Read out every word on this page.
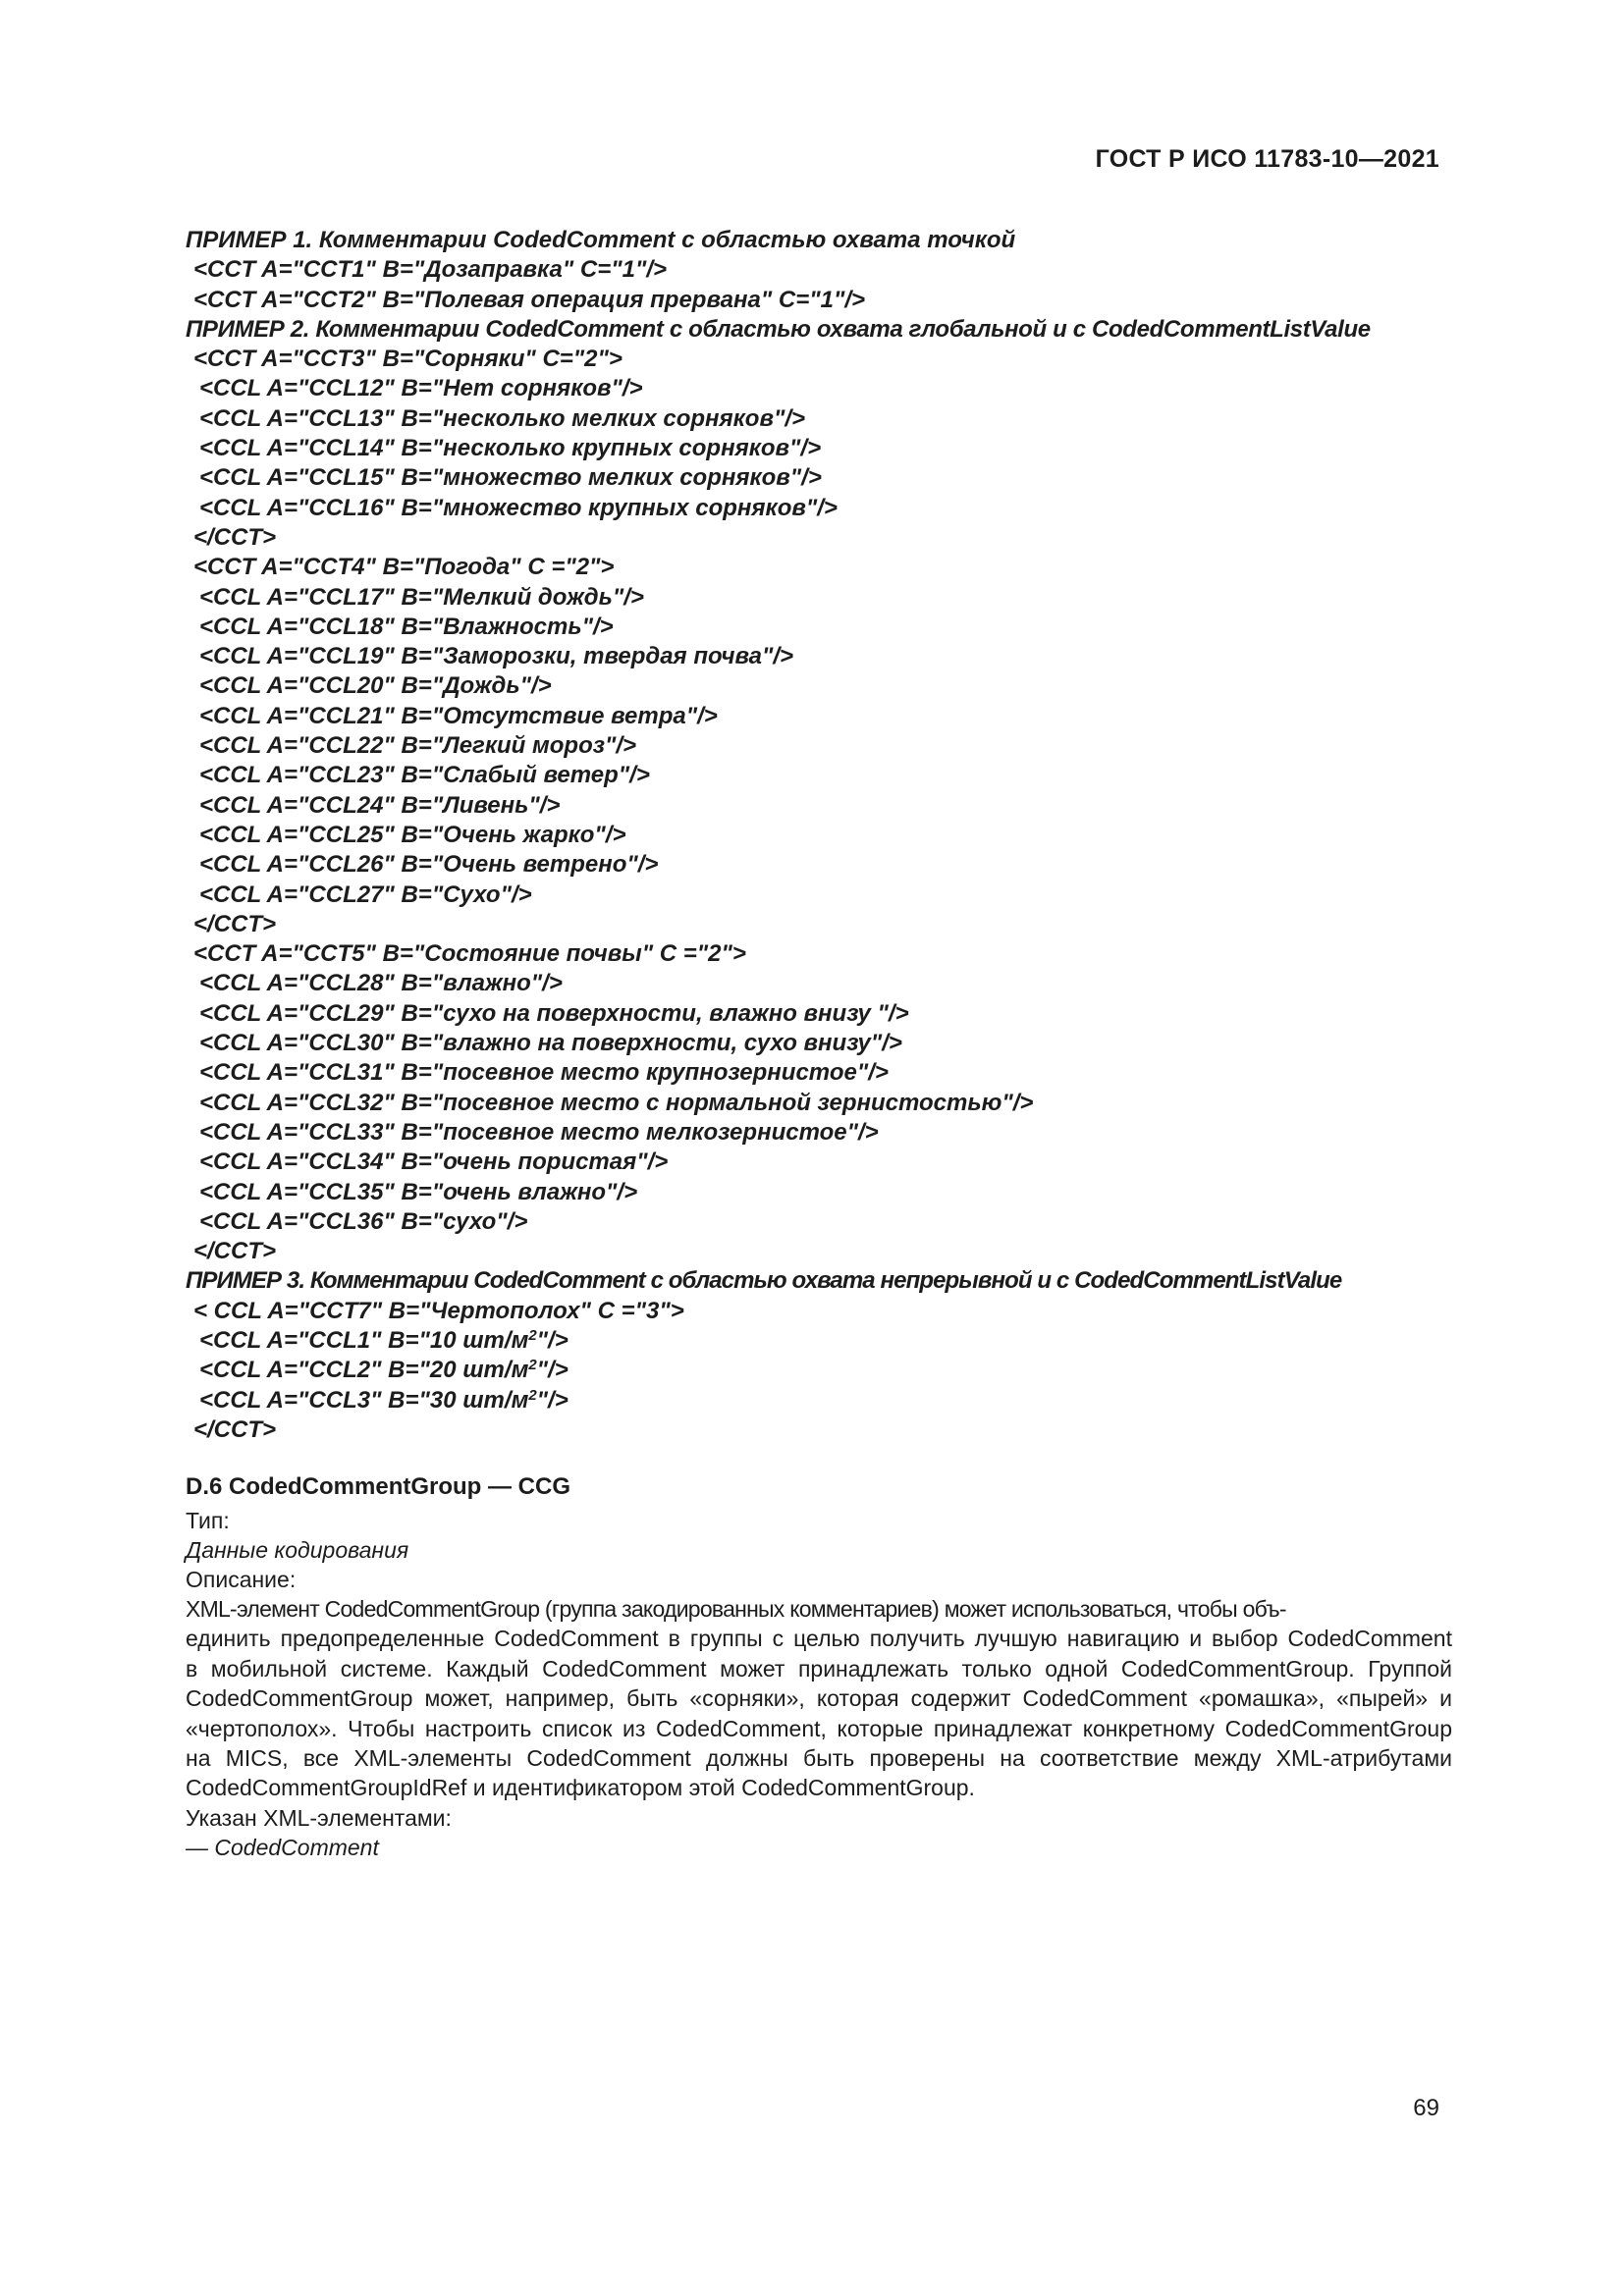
ГОСТ Р ИСО 11783-10—2021
ПРИМЕР 1. Комментарии CodedComment с областью охвата точкой
<CCT A="CCT1" B="Дозаправка" C="1"/>
<CCT A="CCT2" B="Полевая операция прервана" C="1"/>
ПРИМЕР 2. Комментарии CodedComment с областью охвата глобальной и с CodedCommentListValue
<CCT A="CCT3" B="Сорняки" C="2">
<CCL A="CCL12" B="Нет сорняков"/>
<CCL A="CCL13" B="несколько мелких сорняков"/>
<CCL A="CCL14" B="несколько крупных сорняков"/>
<CCL A="CCL15" B="множество мелких сорняков"/>
<CCL A="CCL16" B="множество крупных сорняков"/>
</CCT>
<CCT A="CCT4" B="Погода" C ="2">
<CCL A="CCL17" B="Мелкий дождь"/>
<CCL A="CCL18" B="Влажность"/>
<CCL A="CCL19" B="Заморозки, твердая почва"/>
<CCL A="CCL20" B="Дождь"/>
<CCL A="CCL21" B="Отсутствие ветра"/>
<CCL A="CCL22" B="Легкий мороз"/>
<CCL A="CCL23" B="Слабый ветер"/>
<CCL A="CCL24" B="Ливень"/>
<CCL A="CCL25" B="Очень жарко"/>
<CCL A="CCL26" B="Очень ветрено"/>
<CCL A="CCL27" B="Сухо"/>
</CCT>
<CCT A="CCT5" B="Состояние почвы" C ="2">
<CCL A="CCL28" B="влажно"/>
<CCL A="CCL29" B="сухо на поверхности, влажно внизу "/>
<CCL A="CCL30" B="влажно на поверхности, сухо внизу"/>
<CCL A="CCL31" B="посевное место крупнозернистое"/>
<CCL A="CCL32" B="посевное место с нормальной зернистостью"/>
<CCL A="CCL33" B="посевное место мелкозернистое"/>
<CCL A="CCL34" B="очень пористая"/>
<CCL A="CCL35" B="очень влажно"/>
<CCL A="CCL36" B="сухо"/>
</CCT>
ПРИМЕР 3. Комментарии CodedComment с областью охвата непрерывной и с CodedCommentListValue
< CCL A="CCT7" B="Чертополох" C ="3">
<CCL A="CCL1" B="10 $шт/м^2"/>$
<CCL A="CCL2" B="20 $шт/м^2"/>$
<CCL A="CCL3" B="30 $шт/м^2"/>$
</CCT>
D.6 CodedCommentGroup — CCG
Тип:
Данные кодирования
Описание:
XML-элемент CodedCommentGroup (группа закодированных комментариев) может использоваться, чтобы объ-
единить предопределенные CodedComment в группы с целью получить лучшую навигацию и выбор CodedComment
в мобильной системе. Каждый CodedComment может принадлежать только одной CodedCommentGroup. Группой
CodedCommentGroup может, например, быть «сорняки», которая содержит CodedComment «ромашка», «пырей» и
«чертополох». Чтобы настроить список из CodedComment, которые принадлежат конкретному CodedCommentGroup
на MICS, все XML-элементы CodedComment должны быть проверены на соответствие между XML-атрибутами
CodedCommentGroupIdRef и идентификатором этой CodedCommentGroup.
Указан XML-элементами:
— CodedComment
69
